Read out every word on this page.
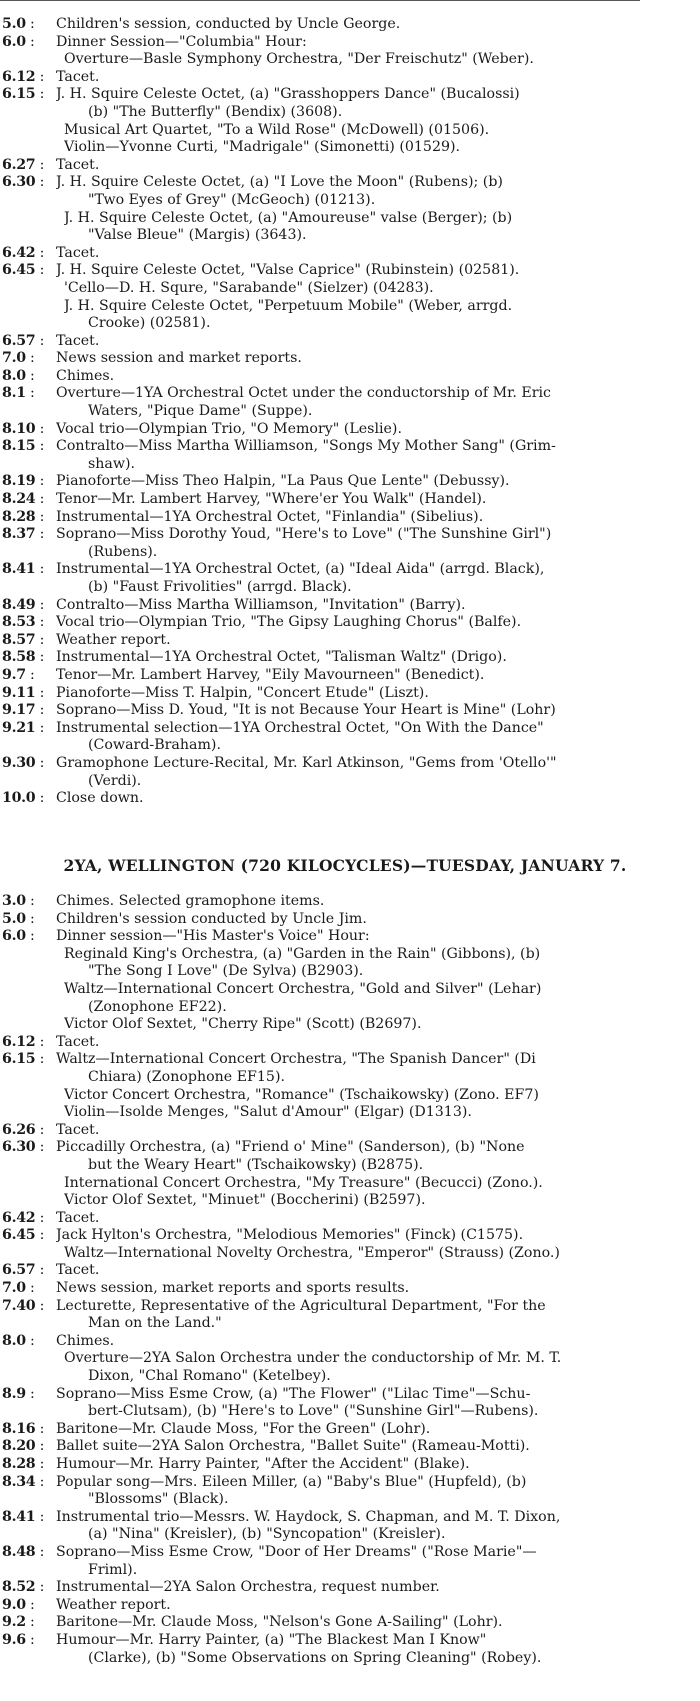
5.0 :	Children's session, conducted by Uncle George.
6.0 :	Dinner Session—"Columbia" Hour:
Overture—Basle Symphony Orchestra, "Der Freischutz" (Weber).
6.12 : Tacet.
6.15 : J. H. Squire Celeste Octet, (a) "Grasshoppers Dance" (Bucalossi)
(b) "The Butterfly" (Bendix) (3608).
Musical Art Quartet, "To a Wild Rose" (McDowell) (01506).
Violin—Yvonne Curti, "Madrigale" (Simonetti) (01529).
6.27 : Tacet.
6.30 : J. H. Squire Celeste Octet, (a) "I Love the Moon" (Rubens); (b)
"Two Eyes of Grey" (McGeoch) (01213).
J. H. Squire Celeste Octet, (a) "Amoureuse" valse (Berger); (b)
"Valse Bleue" (Margis) (3643).
6.42 : Tacet.
6.45 : J. H. Squire Celeste Octet, "Valse Caprice" (Rubinstein) (02581).
'Cello—D. H. Squre, "Sarabande" (Sielzer) (04283).
J. H. Squire Celeste Octet, "Perpetuum Mobile" (Weber, arrgd.
Crooke) (02581).
6.57 : Tacet.
7.0 :	News session and market reports.
8.0 :	Chimes.
8.1 :	Overture—1YA Orchestral Octet under the conductorship of Mr. Eric
Waters, "Pique Dame" (Suppe).
8.10 : Vocal trio—Olympian Trio, "O Memory" (Leslie).
8.15 : Contralto—Miss Martha Williamson, "Songs My Mother Sang" (Grim-
shaw).
8.19 : Pianoforte—Miss Theo Halpin, "La Paus Que Lente" (Debussy).
8.24 : Tenor—Mr. Lambert Harvey, "Where'er You Walk" (Handel).
8.28 : Instrumental—1YA Orchestral Octet, "Finlandia" (Sibelius).
8.37 : Soprano—Miss Dorothy Youd, "Here's to Love" ("The Sunshine Girl")
(Rubens).
8.41 : Instrumental—1YA Orchestral Octet, (a) "Ideal Aida" (arrgd. Black),
(b) "Faust Frivolities" (arrgd. Black).
8.49 : Contralto—Miss Martha Williamson, "Invitation" (Barry).
8.53 : Vocal trio—Olympian Trio, "The Gipsy Laughing Chorus" (Balfe).
8.57 : Weather report.
8.58 : Instrumental—1YA Orchestral Octet, "Talisman Waltz" (Drigo).
9.7 :	Tenor—Mr. Lambert Harvey, "Eily Mavourneen" (Benedict).
9.11 : Pianoforte—Miss T. Halpin, "Concert Etude" (Liszt).
9.17 : Soprano—Miss D. Youd, "It is not Because Your Heart is Mine" (Lohr)
9.21 : Instrumental selection—1YA Orchestral Octet, "On With the Dance"
(Coward-Braham).
9.30 : Gramophone Lecture-Recital, Mr. Karl Atkinson, "Gems from 'Otello'"
(Verdi).
10.0 : Close down.
2YA, WELLINGTON (720 KILOCYCLES)—TUESDAY, JANUARY 7.
3.0 :	Chimes. Selected gramophone items.
5.0 :	Children's session conducted by Uncle Jim.
6.0 :	Dinner session—"His Master's Voice" Hour:
Reginald King's Orchestra, (a) "Garden in the Rain" (Gibbons), (b)
"The Song I Love" (De Sylva) (B2903).
Waltz—International Concert Orchestra, "Gold and Silver" (Lehar)
(Zonophone EF22).
Victor Olof Sextet, "Cherry Ripe" (Scott) (B2697).
6.12 : Tacet.
6.15 : Waltz—International Concert Orchestra, "The Spanish Dancer" (Di
Chiara) (Zonophone EF15).
Victor Concert Orchestra, "Romance" (Tschaikowsky) (Zono. EF7)
Violin—Isolde Menges, "Salut d'Amour" (Elgar) (D1313).
6.26 : Tacet.
6.30 : Piccadilly Orchestra, (a) "Friend o' Mine" (Sanderson), (b) "None
but the Weary Heart" (Tschaikowsky) (B2875).
International Concert Orchestra, "My Treasure" (Becucci) (Zono.).
Victor Olof Sextet, "Minuet" (Boccherini) (B2597).
6.42 : Tacet.
6.45 : Jack Hylton's Orchestra, "Melodious Memories" (Finck) (C1575).
Waltz—International Novelty Orchestra, "Emperor" (Strauss) (Zono.)
6.57 : Tacet.
7.0 :	News session, market reports and sports results.
7.40 : Lecturette, Representative of the Agricultural Department, "For the
Man on the Land."
8.0 :	Chimes.
Overture—2YA Salon Orchestra under the conductorship of Mr. M. T.
Dixon, "Chal Romano" (Ketelbey).
8.9 :	Soprano—Miss Esme Crow, (a) "The Flower" ("Lilac Time"—Schu-
bert-Clutsam), (b) "Here's to Love" ("Sunshine Girl"—Rubens).
8.16 : Baritone—Mr. Claude Moss, "For the Green" (Lohr).
8.20 : Ballet suite—2YA Salon Orchestra, "Ballet Suite" (Rameau-Motti).
8.28 : Humour—Mr. Harry Painter, "After the Accident" (Blake).
8.34 : Popular song—Mrs. Eileen Miller, (a) "Baby's Blue" (Hupfeld), (b)
"Blossoms" (Black).
8.41 : Instrumental trio—Messrs. W. Haydock, S. Chapman, and M. T. Dixon,
(a) "Nina" (Kreisler), (b) "Syncopation" (Kreisler).
8.48 : Soprano—Miss Esme Crow, "Door of Her Dreams" ("Rose Marie"—
Friml).
8.52 : Instrumental—2YA Salon Orchestra, request number.
9.0 :	Weather report.
9.2 :	Baritone—Mr. Claude Moss, "Nelson's Gone A-Sailing" (Lohr).
9.6 :	Humour—Mr. Harry Painter, (a) "The Blackest Man I Know"
(Clarke), (b) "Some Observations on Spring Cleaning" (Robey).
